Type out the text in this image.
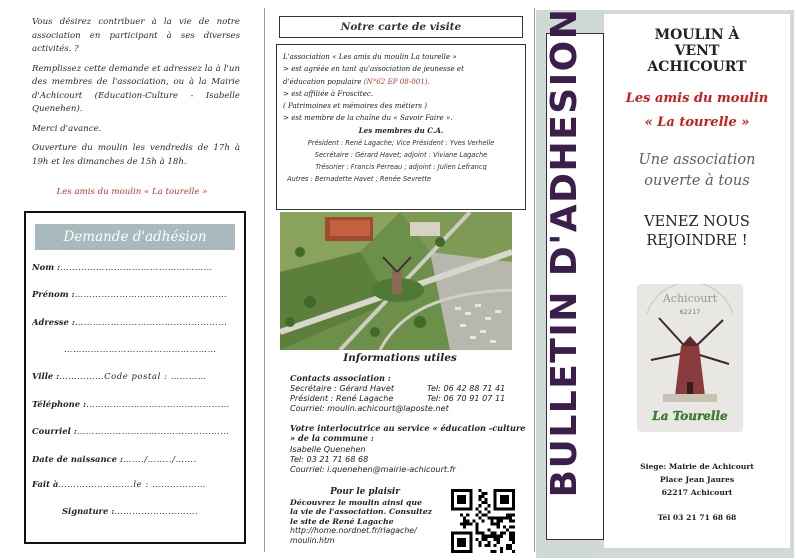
Vous désirez contribuer à la vie de notre association en participant à ses diverses activités. ?

Remplissez cette demande et adressez la à l'un des membres de l'association, ou à la Mairie d'Achicourt (Education-Culture - Isabelle Quenehen).

Merci d'avance.

Ouverture du moulin les vendredis de 17h à 19h et les dimanches de 15h à 18h.

Les amis du moulin « La tourelle »
Demande d'adhésion
Nom :……………………………………………
Prénom :……………………………………………
Adresse :……………………………………………
……………………………………………
Ville :……………Code postal : …………
Téléphone :…………………………………………
Courriel :……………………………………………
Date de naissance :……./……../…….
Fait à…………………….le : ………………
Signature :……………………….
Notre carte de visite
L'association « Les amis du moulin La tourelle »
> est agréée en tant qu'association de jeunesse et
d'éducation populaire (N°62 EP 08-001).
> est affiliée à Froscitec.
( Patrimoines et mémoires des métiers )
> est membre de la chaîne du « Savoir Faire ».
Les membres du C.A.
Président : René Lagache; Vice Président : Yves Verhelle
Secrétaire : Gérard Havet; adjoint : Viviane Lagache
Trésorier : Francis Perreau ; adjoint : Julien Lefrancq
Autres : Bernadette Havet ; Renée Sevrette
Informations utiles
Contacts association :
Secrétaire : Gérard Havet	Tel: 06 42 88 71 41
Président : René Lagache	Tel: 06 70 91 07 11
Courriel: moulin.achicourt@laposte.net
Votre interlocutrice au service « éducation -culture » de la commune :
Isabelle Quenehen
Tel: 03 21 71 68 68
Courriel: i.quenehen@mairie-achicourt.fr
Pour le plaisir
Découvrez le moulin ainsi que
la vie de l'association. Consultez
le site de René Lagache
http://home.nordnet.fr/rlagache/
moulin.htm
BULLETIN D'ADHESION	MOULIN À
VENT
ACHICOURT
Les amis du moulin
« La tourelle »
Une association
ouverte à tous
VENEZ NOUS
REJOINDRE !
Achicourt
62217
La Tourelle
Siege: Mairie de Achicourt
Place Jean Jaures
62217 Achicourt
Tél 03 21 71 68 68
